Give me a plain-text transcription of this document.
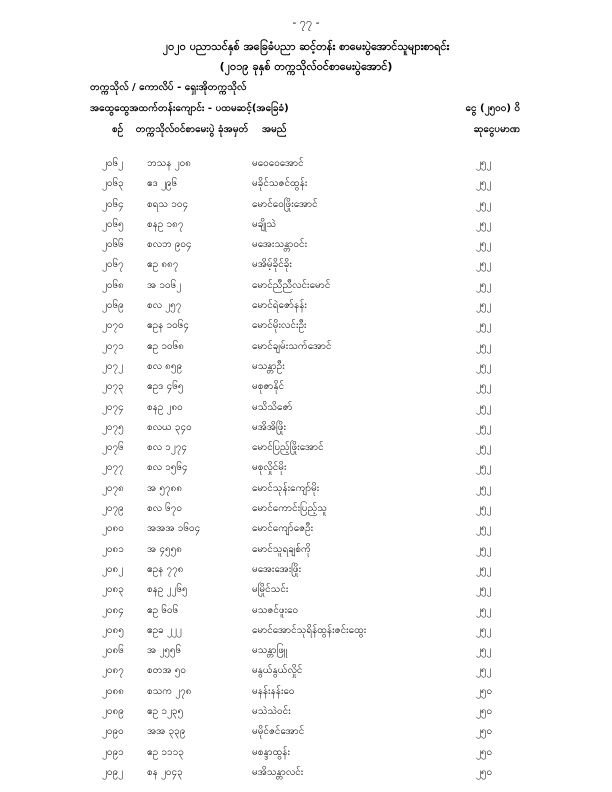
- ၇၇ -
၂၀၂၀ ပညာသင်နှစ် အခြေခံပညာ ဆင့်တန်း စာမေးပွဲအောင်သူများစာရင်း
(၂၀၁၉ ခုနှစ် တက္ကသိုလ်ဝင်စာမေးပွဲအောင်)
တက္ကသိုလ် / ကောလိပ် - ရှေးအိုတက္ကသိုလ်
အထွေထွေအထက်တန်းကျောင်း - ပထမဆင့်(အခြေခံ)	ငွေ (၂၅၀၀) ဝိ
စဉ်	တက္ကသိုလ်ဝင်စာမေးပွဲ ခုံအမှတ်	အမည်	ဆုငွေပမာဏ
၂၀၆၂ ဘသန ၂၀၈	မဝေဝေအောင်	၂၅၂
၂၀၆၃ ဧဒ ၂၉၆	မခိုင်သဇင်ထွန်း	၂၅၂
၂၀၆၄ စရသ ၁၀၄	မောင်ဝေဖြိုးအောင်	၂၅၂
၂၀၆၅ စနဥ ၁၈၇	မချိုသဲ	၂၅၂
၂၀၆၆ စလဘ ၉၀၄	မအေးသန္တာဝင်း	၂၅၂
၂၀၆၇ ဧဥ ၈၈၇	မအိမ့်ခိုင်ခိုး	၂၅၂
၂၀၆၈ အ ၁၀၆၂	မောင်ညီညီလင်းမောင်	၂၅၂
၂၀၆၉ စလ ၂၅၇	မောင်ရဲဇော်နန်း	၂၅၂
၂၀၇၀ ဧဥန ၁၀၆၄	မောင်မိုးလင်းဦး	၂၅၂
၂၀၇၁ ဧဥ ၁၀၆၈	မောင်ချမ်းသက်အောင်	၂၅၂
၂၀၇၂ စလ ၈၅၉	မသန္တာဦး	၂၅၂
၂၀၇၃ ဧဥဒ ၄၆၅	မစုဇာနိုင်	၂၅၂
၂၀၇၄ စနဥ ၂၈၀	မသိသိဇော်	၂၅၂
၂၀၇၅ စလယ ၃၄၀	မအိအိဖြိုး	၂၅၂
၂၀၇၆ စလ ၁၂၇၄	မောင်ပြည့်ဖြိုးအောင်	၂၅၂
၂၀၇၇ စလ ၁၅၆၄	မစုလှိုင်မိုး	၂၅၂
၂၀၇၈ အ ၅၇၈၈	မောင်သုန်းကျော်မိုး	၂၅၂
၂၀၇၉ စလ ၆၇၀	မောင်ကောင်းပြည့်သူ	၂၅၂
၂၀၈၀ အအအ ၁၆၀၄	မောင်ကျော်ဇေဦး	၂၅၂
၂၀၈၁ အ ၄၅၅၈	မောင်သူရချစ်ကို	၂၅၂
၂၀၈၂ ဧဥန ၇၇၈	မအေးအေးဖြိုး	၂၅၂
၂၀၈၃ စနဥ ၂၂၆၅	မမြိုင်သင်း	၂၅၂
၂၀၈၄ ဧဥ ၆၀၆	မသဇင်ဖူးဝေ	၂၅၂
၂၀၈၅ ဧဥခ ၂၂၂	မောင်အောင်သုရိန်ထွန်းဇင်းထွေး	၂၅၂
၂၀၈၆ အ ၂၅၅၆	မသန္တာဖြူ	၂၅၂
၂၀၈၇ စတအ ၅၀	မနွယ်နွယ်လှိုင်	၂၅၂
၂၀၈၈ စသက ၂၇၈	မနန်းနန်းဝေ	၂၅၀
၂၀၈၉ ဧဥ ၁၂၃၅	မသဲသဲဝင်း	၂၅၀
၂၀၉၀ အအ ၃၃၉	မမိုင်ဇင်အောင်	၂၅၀
၂၀၉၁ ဧဥ ၁၁၁၃	မစန္ဒာထွန်း	၂၅၀
၂၀၉၂ စန ၂၀၄၃	မအိသန္တာလင်း	၂၅၀
